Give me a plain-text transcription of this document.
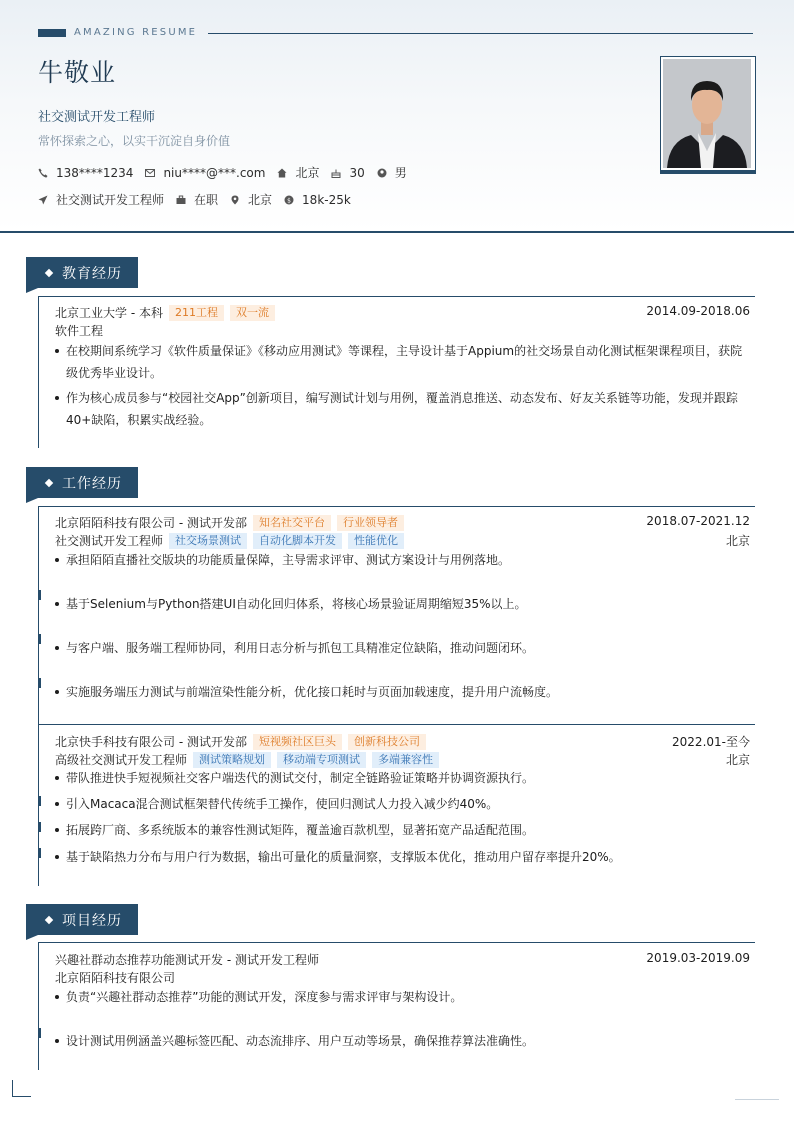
AMAZING RESUME
牛敬业
社交测试开发工程师
常怀探索之心，以实干沉淀自身价值
138****1234	niu****@***.com	北京	30	男
社交测试开发工程师	在职	北京	$ 18k-25k
教育经历
北京工业大学 - 本科	211工程	双一流	2014.09-2018.06
软件工程
在校期间系统学习《软件质量保证》《移动应用测试》等课程，主导设计基于Appium的社交场景自动化测试框架课程项目，获院
级优秀毕业设计。
作为核心成员参与“校园社交App”创新项目，编写测试计划与用例，覆盖消息推送、动态发布、好友关系链等功能，发现并跟踪
40+缺陷，积累实战经验。
工作经历
北京陌陌科技有限公司 - 测试开发部	知名社交平台	行业领导者	2018.07-2021.12
社交测试开发工程师	社交场景测试	自动化脚本开发	性能优化	北京
承担陌陌直播社交版块的功能质量保障，主导需求评审、测试方案设计与用例落地。
基于Selenium与Python搭建UI自动化回归体系，将核心场景验证周期缩短35%以上。
与客户端、服务端工程师协同，利用日志分析与抓包工具精准定位缺陷，推动问题闭环。
实施服务端压力测试与前端渲染性能分析，优化接口耗时与页面加载速度，提升用户流畅度。
北京快手科技有限公司 - 测试开发部	短视频社区巨头	创新科技公司	2022.01-至今
高级社交测试开发工程师	测试策略规划	移动端专项测试	多端兼容性	北京
带队推进快手短视频社交客户端迭代的测试交付，制定全链路验证策略并协调资源执行。
引入Macaca混合测试框架替代传统手工操作，使回归测试人力投入减少约40%。
拓展跨厂商、多系统版本的兼容性测试矩阵，覆盖逾百款机型，显著拓宽产品适配范围。
基于缺陷热力分布与用户行为数据，输出可量化的质量洞察，支撑版本优化，推动用户留存率提升20%。
项目经历
兴趣社群动态推荐功能测试开发 - 测试开发工程师	2019.03-2019.09
北京陌陌科技有限公司
负责“兴趣社群动态推荐”功能的测试开发，深度参与需求评审与架构设计。
设计测试用例涵盖兴趣标签匹配、动态流排序、用户互动等场景，确保推荐算法准确性。
